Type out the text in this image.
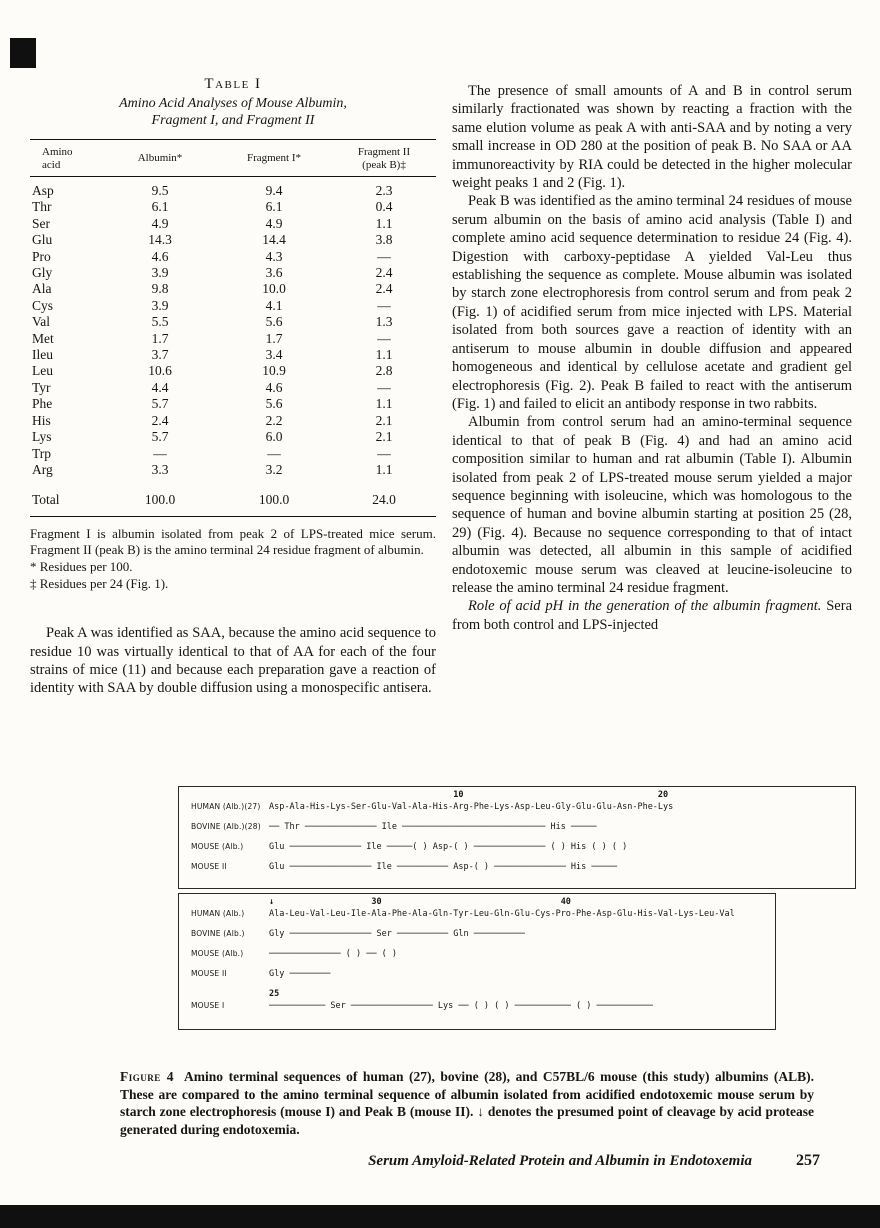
Table I
Amino Acid Analyses of Mouse Albumin,
Fragment I, and Fragment II
Amino
acid	Albumin*	Fragment I*	Fragment II
(peak B)‡
Asp	9.5	9.4	2.3
Thr	6.1	6.1	0.4
Ser	4.9	4.9	1.1
Glu	14.3	14.4	3.8
Pro	4.6	4.3	—
Gly	3.9	3.6	2.4
Ala	9.8	10.0	2.4
Cys	3.9	4.1	—
Val	5.5	5.6	1.3
Met	1.7	1.7	—
Ileu	3.7	3.4	1.1
Leu	10.6	10.9	2.8
Tyr	4.4	4.6	—
Phe	5.7	5.6	1.1
His	2.4	2.2	2.1
Lys	5.7	6.0	2.1
Trp	—	—	—
Arg	3.3	3.2	1.1
Total	100.0	100.0	24.0
Fragment I is albumin isolated from peak 2 of LPS-treated mice serum. Fragment II (peak B) is the amino terminal 24 residue fragment of albumin.
* Residues per 100.
‡ Residues per 24 (Fig. 1).

Peak A was identified as SAA, because the amino acid sequence to residue 10 was virtually identical to that of AA for each of the four strains of mice (11) and because each preparation gave a reaction of identity with SAA by double diffusion using a monospecific antisera.

The presence of small amounts of A and B in control serum similarly fractionated was shown by reacting a fraction with the same elution volume as peak A with anti-SAA and by noting a very small increase in OD 280 at the position of peak B. No SAA or AA immunoreactivity by RIA could be detected in the higher molecular weight peaks 1 and 2 (Fig. 1).

Peak B was identified as the amino terminal 24 residues of mouse serum albumin on the basis of amino acid analysis (Table I) and complete amino acid sequence determination to residue 24 (Fig. 4). Digestion with carboxy-peptidase A yielded Val-Leu thus establishing the sequence as complete. Mouse albumin was isolated by starch zone electrophoresis from control serum and from peak 2 (Fig. 1) of acidified serum from mice injected with LPS. Material isolated from both sources gave a reaction of identity with an antiserum to mouse albumin in double diffusion and appeared homogeneous and identical by cellulose acetate and gradient gel electrophoresis (Fig. 2). Peak B failed to react with the antiserum (Fig. 1) and failed to elicit an antibody response in two rabbits.

Albumin from control serum had an amino-terminal sequence identical to that of peak B (Fig. 4) and had an amino acid composition similar to human and rat albumin (Table I). Albumin isolated from peak 2 of LPS-treated mouse serum yielded a major sequence beginning with isoleucine, which was homologous to the sequence of human and bovine albumin starting at position 25 (28, 29) (Fig. 4). Because no sequence corresponding to that of intact albumin was detected, all albumin in this sample of acidified endotoxemic mouse serum was cleaved at leucine-isoleucine to release the amino terminal 24 residue fragment.

Role of acid pH in the generation of the albumin fragment. Sera from both control and LPS-injected

10                                      20
HUMAN (Alb.)(27) Asp-Ala-His-Lys-Ser-Glu-Val-Ala-His-Arg-Phe-Lys-Asp-Leu-Gly-Glu-Glu-Asn-Phe-Lys
BOVINE (Alb.)(28) ── Thr ────────────── Ile ──────────────────────────── His ─────
MOUSE (Alb.)	Glu ────────────── Ile ─────( ) Asp-( ) ────────────── ( ) His ( ) ( )
MOUSE II	Glu ──────────────── Ile ────────── Asp-( ) ────────────── His ─────
↓                   30                                   40
HUMAN (Alb.)	Ala-Leu-Val-Leu-Ile-Ala-Phe-Ala-Gln-Tyr-Leu-Gln-Glu-Cys-Pro-Phe-Asp-Glu-His-Val-Lys-Leu-Val
BOVINE (Alb.)	Gly ──────────────── Ser ────────── Gln ──────────
MOUSE (Alb.)	────────────── ( ) ── ( )
MOUSE II	Gly ────────
25
MOUSE I	─────────── Ser ──────────────── Lys ── ( ) ( ) ─────────── ( ) ───────────

Figure 4 Amino terminal sequences of human (27), bovine (28), and C57BL/6 mouse (this study) albumins (ALB). These are compared to the amino terminal sequence of albumin isolated from acidified endotoxemic mouse serum by starch zone electrophoresis (mouse I) and Peak B (mouse II). ↓ denotes the presumed point of cleavage by acid protease generated during endotoxemia.

Serum Amyloid-Related Protein and Albumin in Endotoxemia	257
